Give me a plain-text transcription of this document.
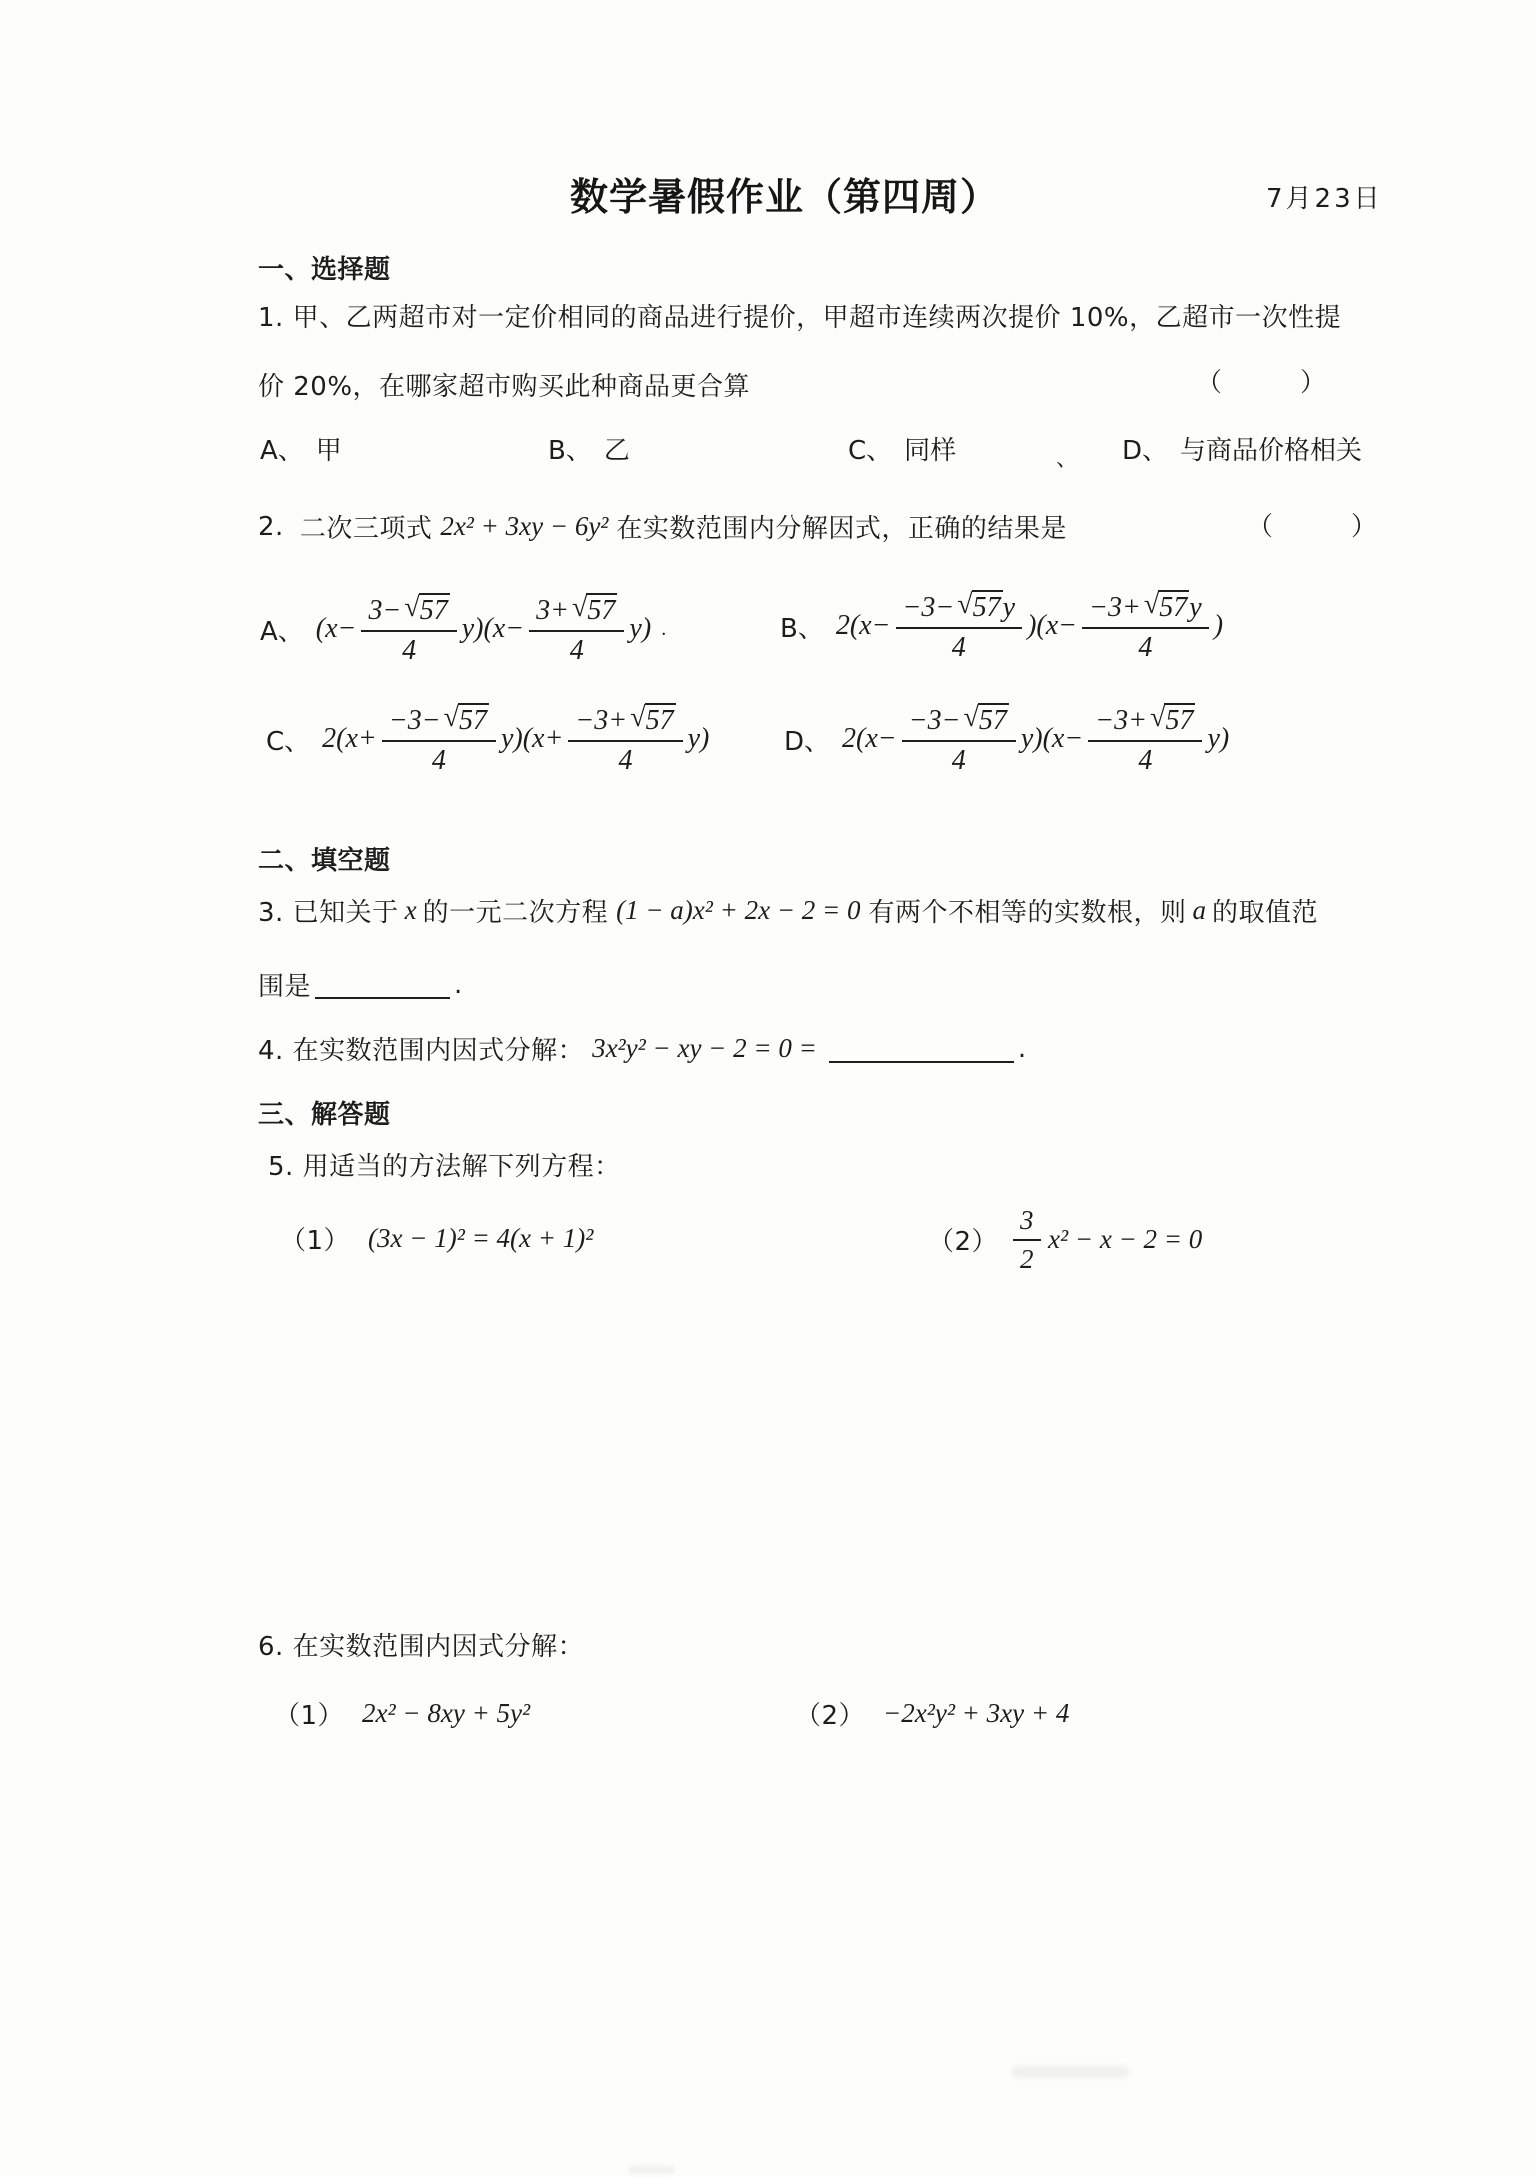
数学暑假作业（第四周）	7月23日
一、选择题
1. 甲、乙两超市对一定价相同的商品进行提价，甲超市连续两次提价 10%，乙超市一次性提
价 20%，在哪家超市购买此种商品更合算	（　　　）
A、 甲	B、 乙	C、 同样	、 D、 与商品价格相关
2. 二次三项式 2x² + 3xy − 6y² 在实数范围内分解因式，正确的结果是	（　　　）
A、 $(x- \frac{3- √ 57}{4} y)(x- \frac{3+ √ 57}{4} y)$ .	B、 $2(x- \frac{-3- √ 57 y}{4} )(x- \frac{-3+ √ 57 y}{4}$ )
C、 $2(x+ \frac{-3- √ 57}{4} y)(x+ \frac{-3+ √ 57}{4} y)$	D、 $2(x- \frac{-3- √ 57}{4} y)(x- \frac{-3+ √ 57}{4} y)$
二、填空题
3. 已知关于 x 的一元二次方程 (1 − a)x² + 2x − 2 = 0 有两个不相等的实数根，则 a 的取值范
围是	.
4. 在实数范围内因式分解： 3x²y² − xy − 2 = 0 =	.
三、解答题
5. 用适当的方法解下列方程：
（1） (3x − 1)² = 4(x + 1)²	$(2) \frac{3}{2} x^2 - x - 2 = 0$
6. 在实数范围内因式分解：
（1） 2x² − 8xy + 5y²	（2） −2x²y² + 3xy + 4
